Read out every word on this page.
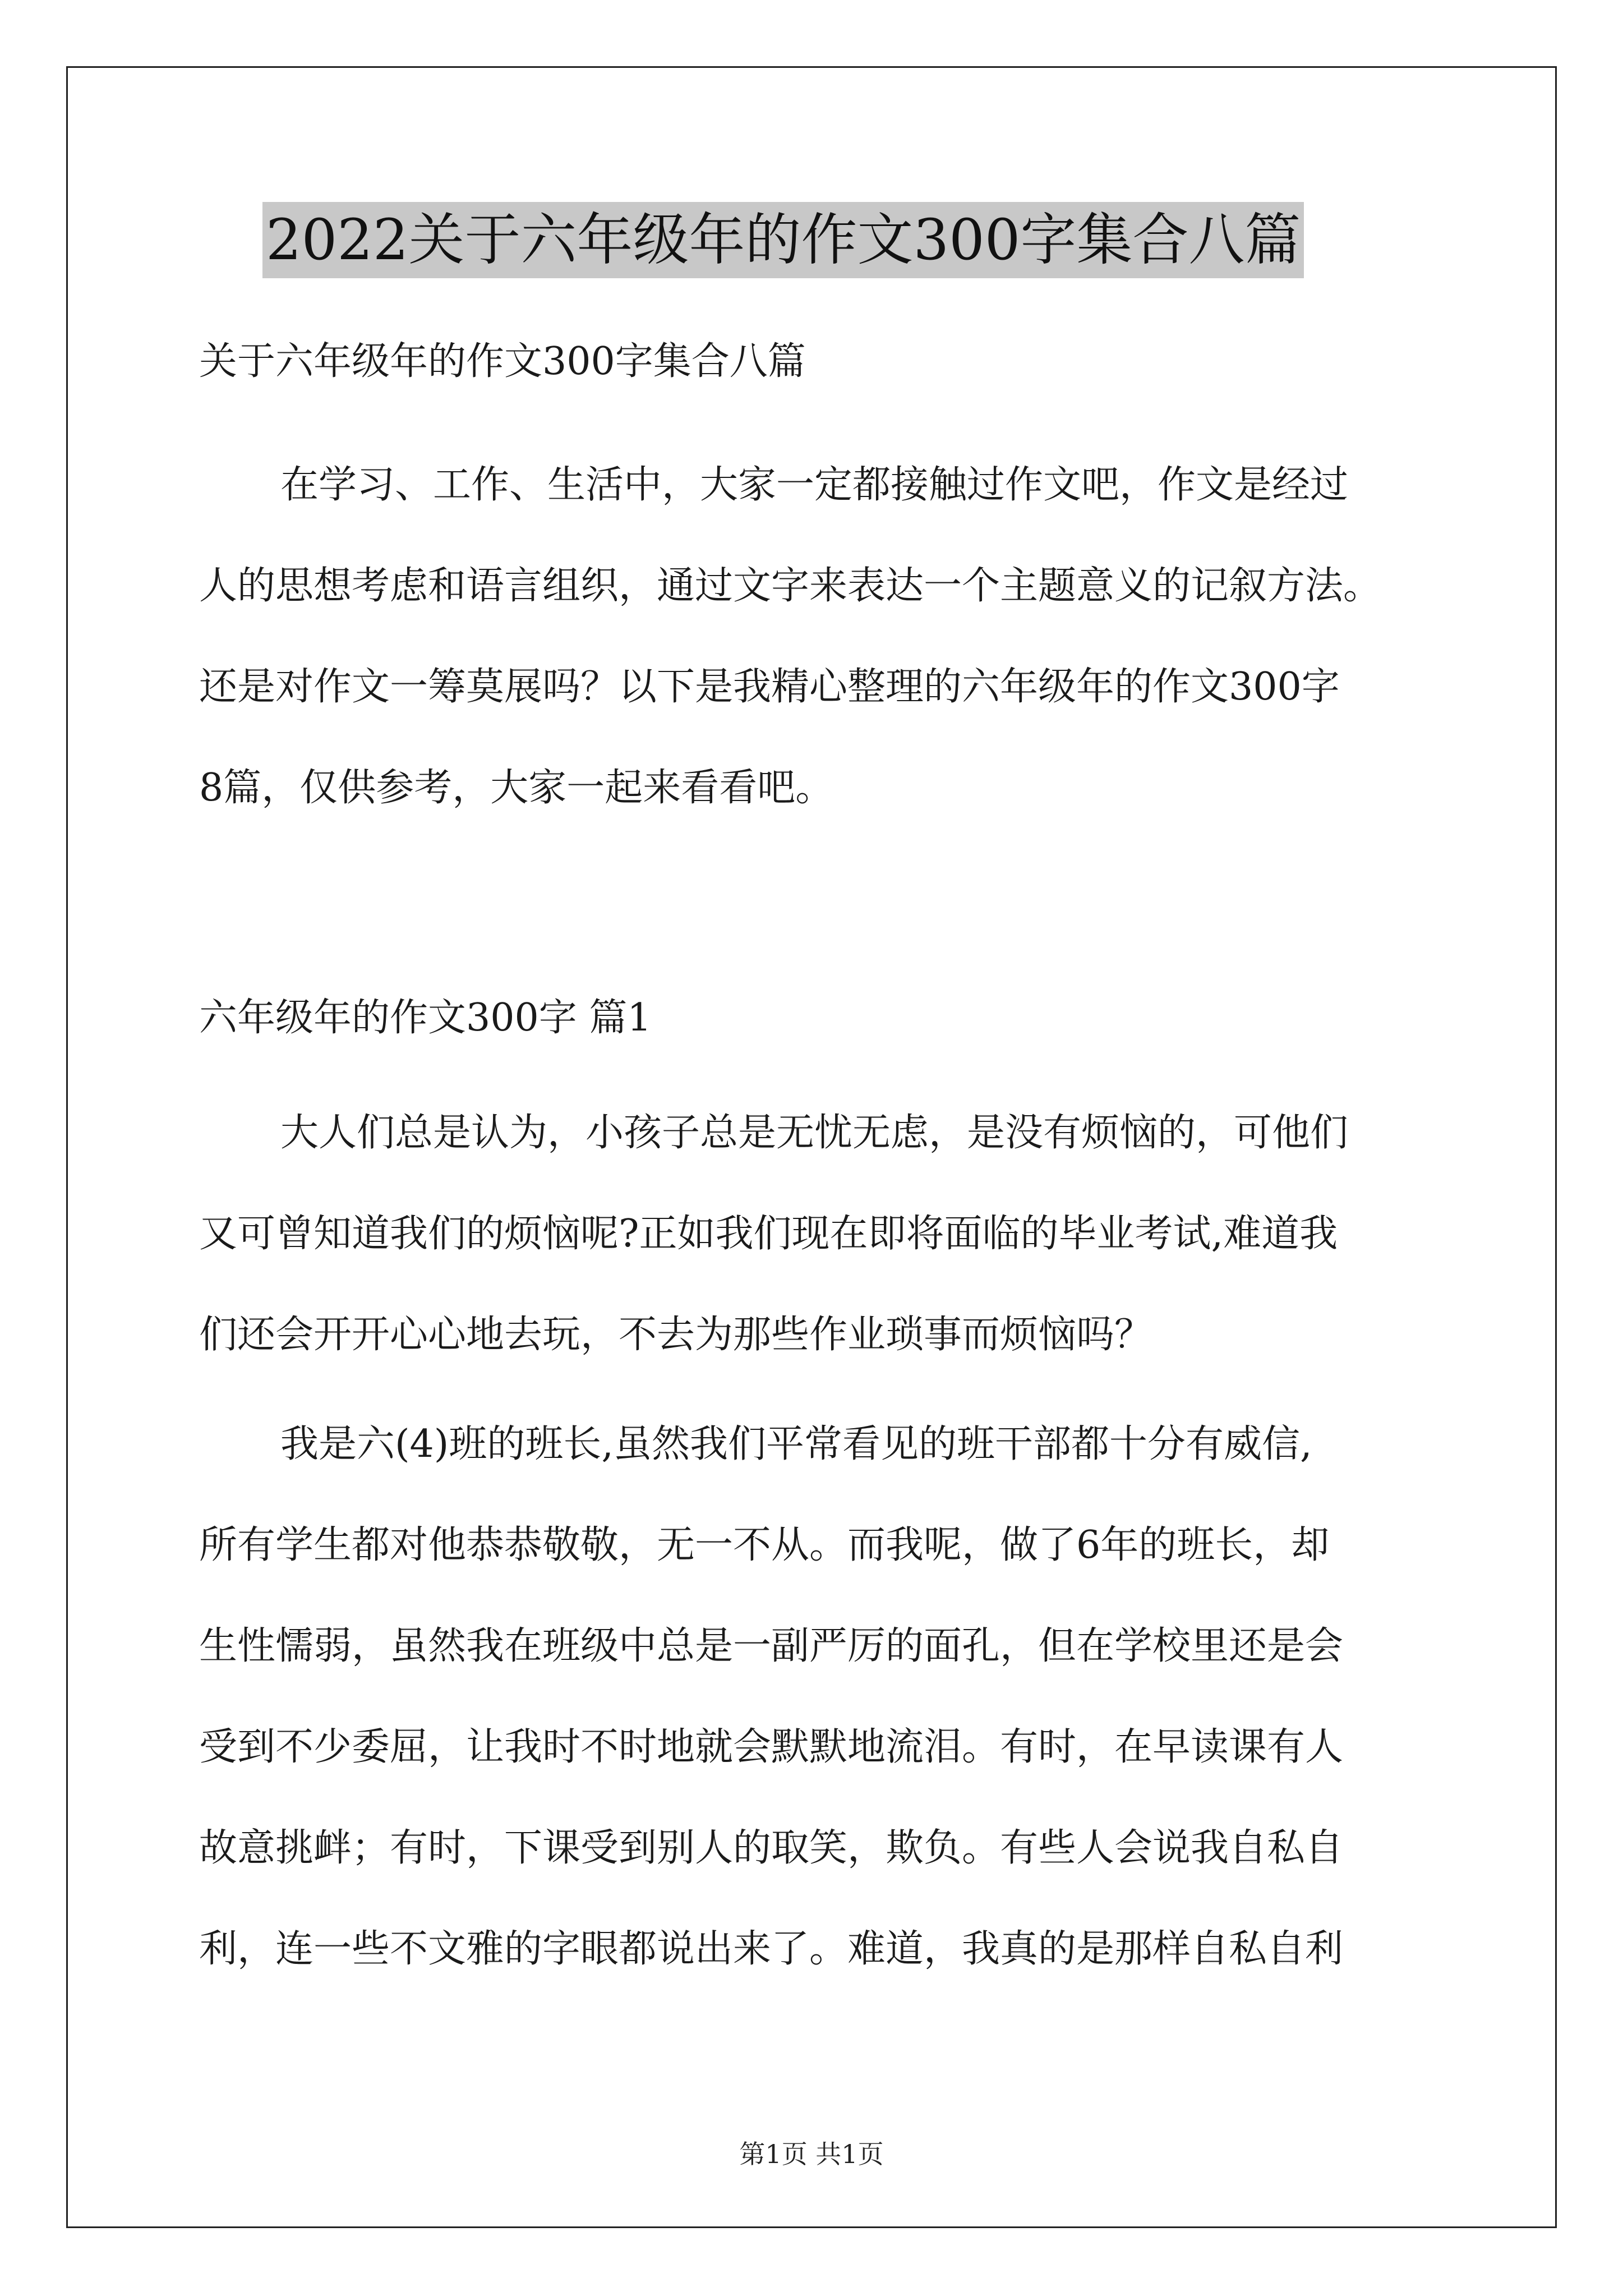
2022关于六年级年的作文300字集合八篇
关于六年级年的作文300字集合八篇
在学习、工作、生活中，大家一定都接触过作文吧，作文是经过
人的思想考虑和语言组织，通过文字来表达一个主题意义的记叙方法。
还是对作文一筹莫展吗？以下是我精心整理的六年级年的作文300字
8篇，仅供参考，大家一起来看看吧。
六年级年的作文300字 篇1
大人们总是认为，小孩子总是无忧无虑，是没有烦恼的，可他们
又可曾知道我们的烦恼呢?正如我们现在即将面临的毕业考试,难道我
们还会开开心心地去玩，不去为那些作业琐事而烦恼吗？
我是六(4)班的班长,虽然我们平常看见的班干部都十分有威信,
所有学生都对他恭恭敬敬，无一不从。而我呢，做了6年的班长，却
生性懦弱，虽然我在班级中总是一副严厉的面孔，但在学校里还是会
受到不少委屈，让我时不时地就会默默地流泪。有时，在早读课有人
故意挑衅；有时，下课受到别人的取笑，欺负。有些人会说我自私自
利，连一些不文雅的字眼都说出来了。难道，我真的是那样自私自利
第1页 共1页
